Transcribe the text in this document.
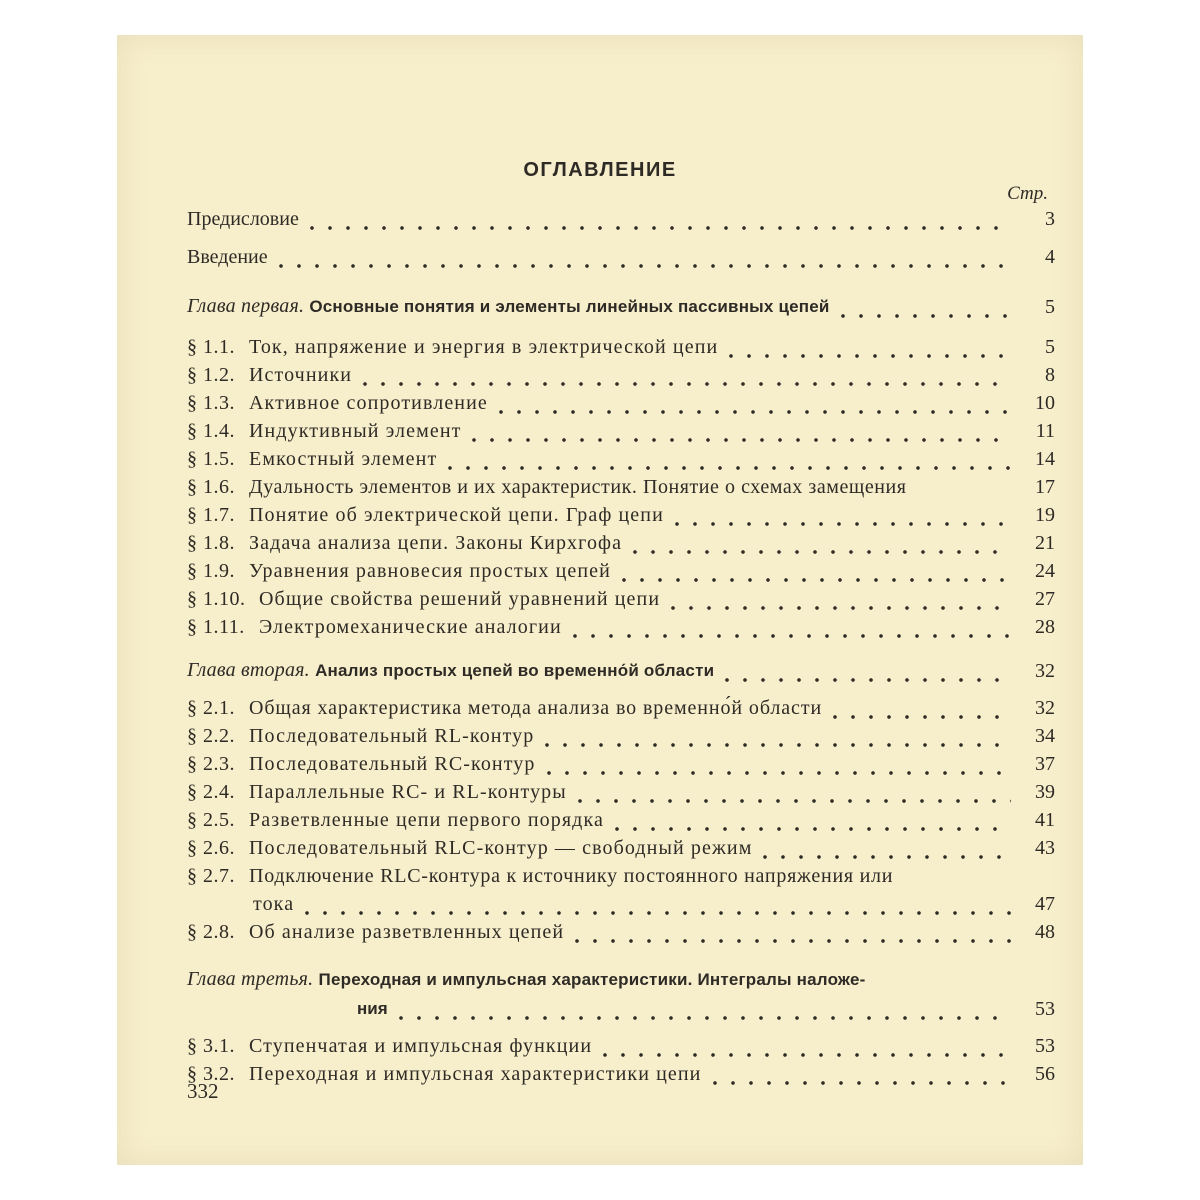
ОГЛАВЛЕНИЕ
Стр.
Предисловие	3
Введение	4
Глава первая. Основные понятия и элементы линейных пассивных цепей	5
§ 1.1. Ток, напряжение и энергия в электрической цепи	5
§ 1.2. Источники	8
§ 1.3. Активное сопротивление	10
§ 1.4. Индуктивный элемент	11
§ 1.5. Емкостный элемент	14
§ 1.6. Дуальность элементов и их характеристик. Понятие о схемах замещения	17
§ 1.7. Понятие об электрической цепи. Граф цепи	19
§ 1.8. Задача анализа цепи. Законы Кирхгофа	21
§ 1.9. Уравнения равновесия простых цепей	24
§ 1.10. Общие свойства решений уравнений цепи	27
§ 1.11. Электромеханические аналогии	28
Глава вторая. Анализ простых цепей во временно́й области	32
§ 2.1. Общая характеристика метода анализа во временно́й области	32
§ 2.2. Последовательный RL-контур	34
§ 2.3. Последовательный RC-контур	37
§ 2.4. Параллельные RC- и RL-контуры	39
§ 2.5. Разветвленные цепи первого порядка	41
§ 2.6. Последовательный RLC-контур — свободный режим	43
§ 2.7. Подключение RLC-контура к источнику постоянного напряжения или
тока	47
§ 2.8. Об анализе разветвленных цепей	48
Глава третья. Переходная и импульсная характеристики. Интегралы наложе-
ния	53
§ 3.1. Ступенчатая и импульсная функции	53
§ 3.2. Переходная и импульсная характеристики цепи	56
332
